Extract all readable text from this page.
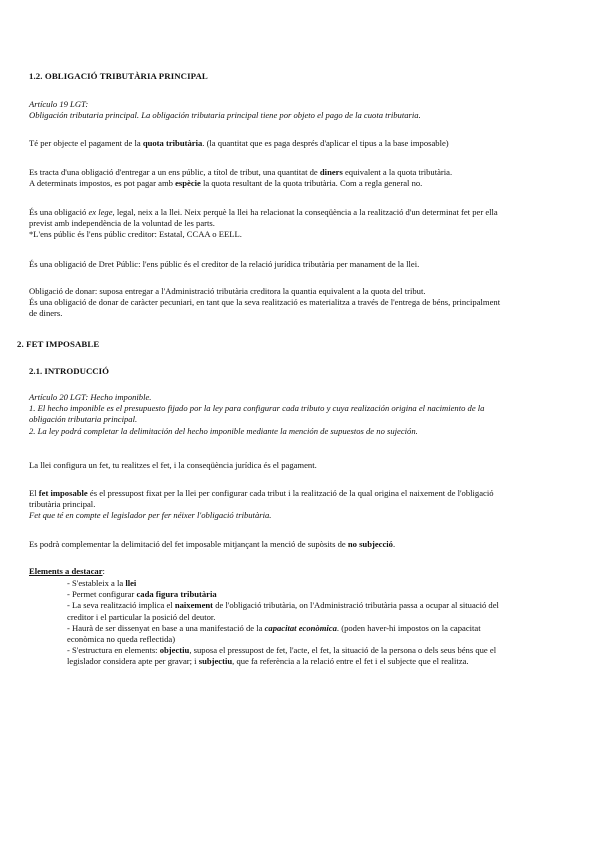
1.2. OBLIGACIÓ TRIBUTÀRIA PRINCIPAL

Artículo 19 LGT:
Obligación tributaria principal. La obligación tributaria principal tiene por objeto el pago de la cuota tributaria.

Té per objecte el pagament de la quota tributària. (la quantitat que es paga després d'aplicar el tipus a la base imposable)

Es tracta d'una obligació d'entregar a un ens públic, a títol de tribut, una quantitat de diners equivalent a la quota tributària.
A determinats impostos, es pot pagar amb espècie la quota resultant de la quota tributària. Com a regla general no.
És una obligació ex lege, legal, neix a la llei. Neix perquè la llei ha relacionat la conseqüència a la realització d'un determinat fet per ella
previst amb independència de la voluntad de les parts.
*L'ens públic és l'ens públic creditor: Estatal, CCAA o EELL.

És una obligació de Dret Públic: l'ens públic és el creditor de la relació jurídica tributària per manament de la llei.

Obligació de donar: suposa entregar a l'Administració tributària creditora la quantia equivalent a la quota del tribut.
És una obligació de donar de caràcter pecuniari, en tant que la seva realització es materialitza a través de l'entrega de béns, principalment
de diners.

2. FET IMPOSABLE

2.1. INTRODUCCIÓ

Artículo 20 LGT: Hecho imponible.
1. El hecho imponible es el presupuesto fijado por la ley para configurar cada tributo y cuya realización origina el nacimiento de la
obligación tributaria principal.
2. La ley podrá completar la delimitación del hecho imponible mediante la mención de supuestos de no sujeción.

La llei configura un fet, tu realitzes el fet, i la conseqüència jurídica és el pagament.

El fet imposable és el pressupost fixat per la llei per configurar cada tribut i la realització de la qual origina el naixement de l'obligació
tributària principal.
Fet que té en compte el legislador per fer néixer l'obligació tributària.

Es podrà complementar la delimitació del fet imposable mitjançant la menció de supòsits de no subjecció.

Elements a destacar:

- S'estableix a la llei
- Permet configurar cada figura tributària
- La seva realització implica el naixement de l'obligació tributària, on l'Administració tributària passa a ocupar al situació del
creditor i el particular la posició del deutor.
- Haurà de ser dissenyat en base a una manifestació de la capacitat econòmica. (poden haver-hi impostos on la capacitat
econòmica no queda reflectida)
- S'estructura en elements: objectiu, suposa el pressupost de fet, l'acte, el fet, la situació de la persona o dels seus béns que el
legislador considera apte per gravar; i subjectiu, que fa referència a la relació entre el fet i el subjecte que el realitza.
